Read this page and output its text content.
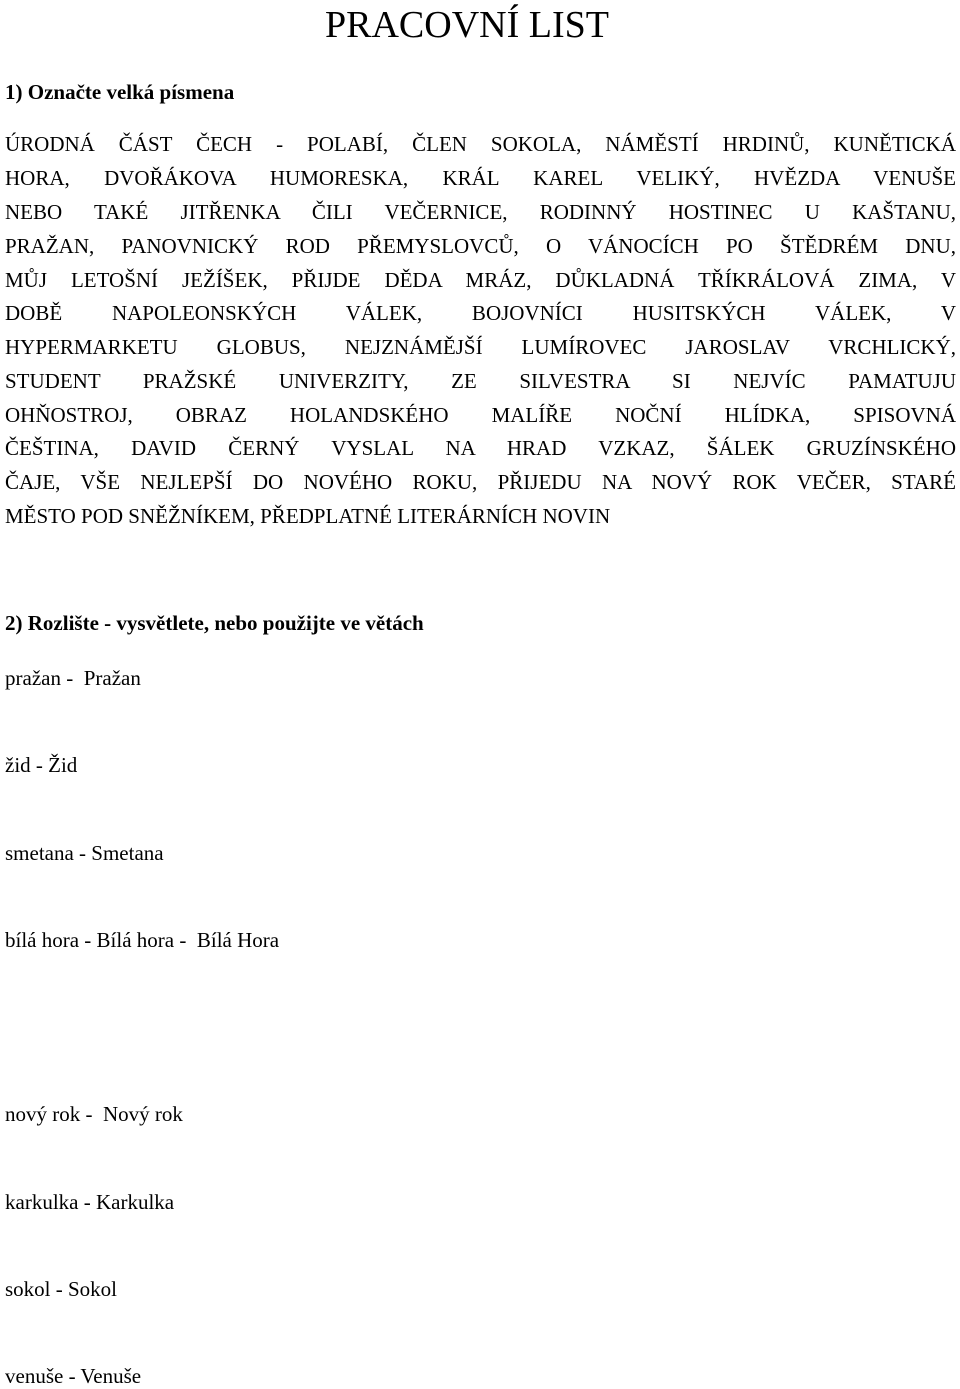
PRACOVNÍ LIST
1) Označte velká písmena
ÚRODNÁ ČÁST ČECH - POLABÍ, ČLEN SOKOLA, NÁMĚSTÍ HRDINŮ, KUNĚTICKÁ
HORA, DVOŘÁKOVA HUMORESKA, KRÁL KAREL VELIKÝ, HVĚZDA VENUŠE
NEBO TAKÉ JITŘENKA ČILI VEČERNICE, RODINNÝ HOSTINEC U KAŠTANU,
PRAŽAN, PANOVNICKÝ ROD PŘEMYSLOVCŮ, O VÁNOCÍCH PO ŠTĚDRÉM DNU,
MŮJ LETOŠNÍ JEŽÍŠEK, PŘIJDE DĚDA MRÁZ, DŮKLADNÁ TŘÍKRÁLOVÁ ZIMA, V
DOBĚ NAPOLEONSKÝCH VÁLEK, BOJOVNÍCI HUSITSKÝCH VÁLEK, V
HYPERMARKETU GLOBUS, NEJZNÁMĚJŠÍ LUMÍROVEC JAROSLAV VRCHLICKÝ,
STUDENT PRAŽSKÉ UNIVERZITY, ZE SILVESTRA SI NEJVÍC PAMATUJU
OHŇOSTROJ, OBRAZ HOLANDSKÉHO MALÍŘE NOČNÍ HLÍDKA, SPISOVNÁ
ČEŠTINA, DAVID ČERNÝ VYSLAL NA HRAD VZKAZ, ŠÁLEK GRUZÍNSKÉHO
ČAJE, VŠE NEJLEPŠÍ DO NOVÉHO ROKU, PŘIJEDU NA NOVÝ ROK VEČER, STARÉ
MĚSTO POD SNĚŽNÍKEM, PŘEDPLATNÉ LITERÁRNÍCH NOVIN
2) Rozlište - vysvětlete, nebo použijte ve větách
pražan -  Pražan
žid - Žid
smetana - Smetana
bílá hora - Bílá hora -  Bílá Hora
nový rok -  Nový rok
karkulka - Karkulka
sokol - Sokol
venuše - Venuše
